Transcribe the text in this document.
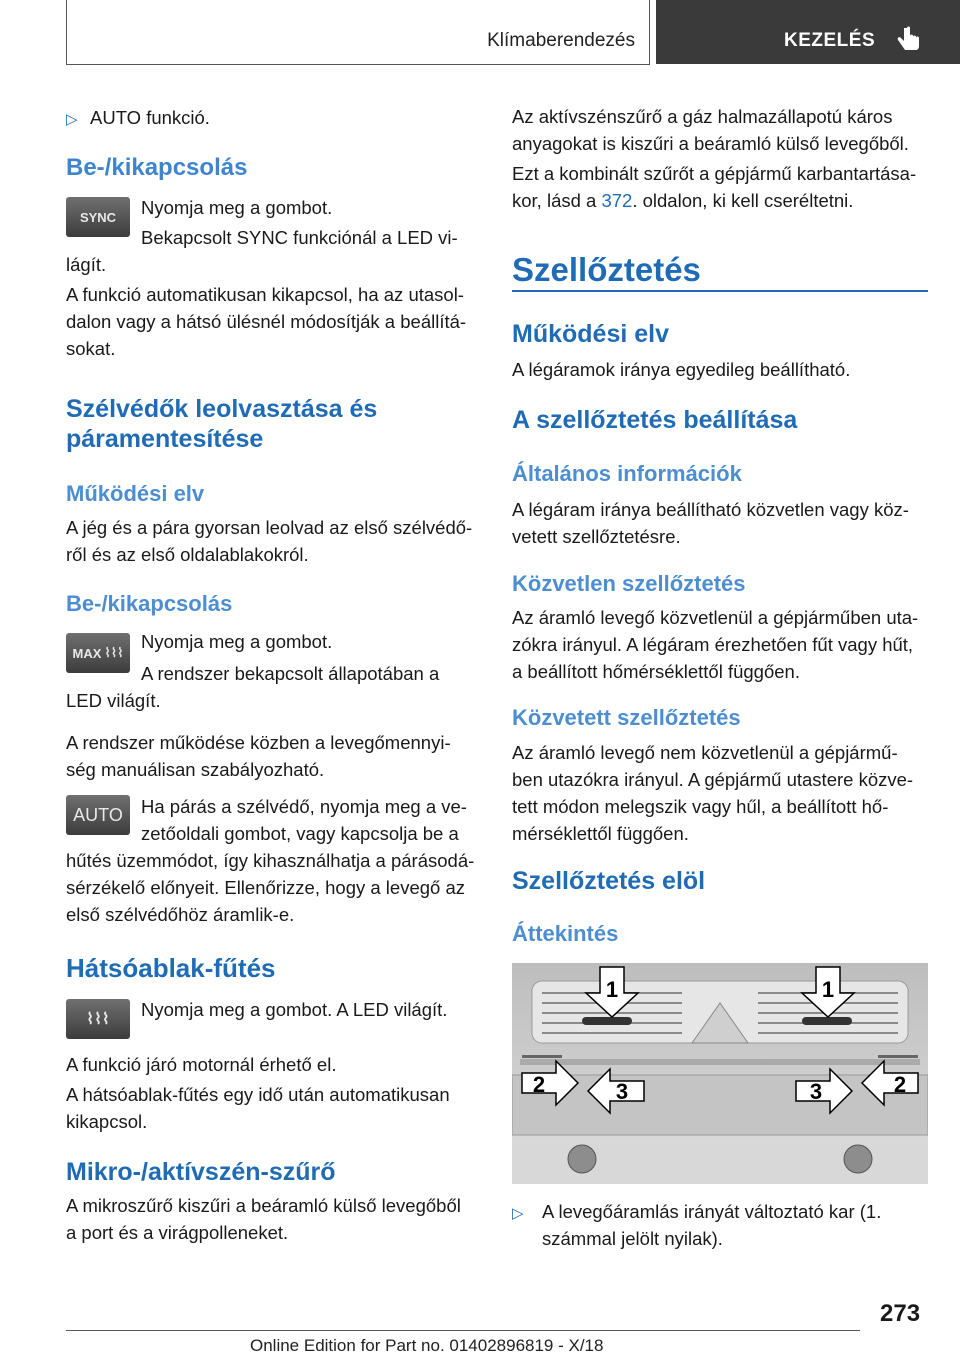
Klímaberendezés	KEZELÉS
▷ AUTO funkció.
Be-/kikapcsolás
SYNC Nyomja meg a gombot.
Bekapcsolt SYNC funkciónál a LED vi-
lágít.
A funkció automatikusan kikapcsol, ha az utasol-
dalon vagy a hátsó ülésnél módosítják a beállítá-
sokat.
Szélvédők leolvasztása és
páramentesítése
Működési elv
A jég és a pára gyorsan leolvad az első szélvédő-
ről és az első oldalablakokról.
Be-/kikapcsolás
MAX ⌇⌇⌇
Nyomja meg a gombot.
A rendszer bekapcsolt állapotában a
LED világít.
A rendszer működése közben a levegőmennyi-
ség manuálisan szabályozható.
AUTO Ha párás a szélvédő, nyomja meg a ve-
zetőoldali gombot, vagy kapcsolja be a
hűtés üzemmódot, így kihasználhatja a párásodá-
sérzékelő előnyeit. Ellenőrizze, hogy a levegő az
első szélvédőhöz áramlik-e.
Hátsóablak-fűtés
⌇⌇⌇ Nyomja meg a gombot. A LED világít.
A funkció járó motornál érhető el.
A hátsóablak-fűtés egy idő után automatikusan
kikapcsol.
Mikro-/aktívszén-szűrő
A mikroszűrő kiszűri a beáramló külső levegőből
a port és a virágpolleneket.
Az aktívszénszűrő a gáz halmazállapotú káros
anyagokat is kiszűri a beáramló külső levegőből.
Ezt a kombinált szűrőt a gépjármű karbantartása-
kor, lásd a 372. oldalon, ki kell cseréltetni.
Szellőztetés
Működési elv
A légáramok iránya egyedileg beállítható.
A szellőztetés beállítása
Általános információk
A légáram iránya beállítható közvetlen vagy köz-
vetett szellőztetésre.
Közvetlen szellőztetés
Az áramló levegő közvetlenül a gépjárműben uta-
zókra irányul. A légáram érezhetően fűt vagy hűt,
a beállított hőmérséklettől függően.
Közvetett szellőztetés
Az áramló levegő nem közvetlenül a gépjármű-
ben utazókra irányul. A gépjármű utastere közve-
tett módon melegszik vagy hűl, a beállított hő-
mérséklettől függően.
Szellőztetés elöl
Áttekintés
1	1
2	3	3	2
▷ A levegőáramlás irányát változtató kar (1.
számmal jelölt nyilak).
273
Online Edition for Part no. 01402896819 - X/18
